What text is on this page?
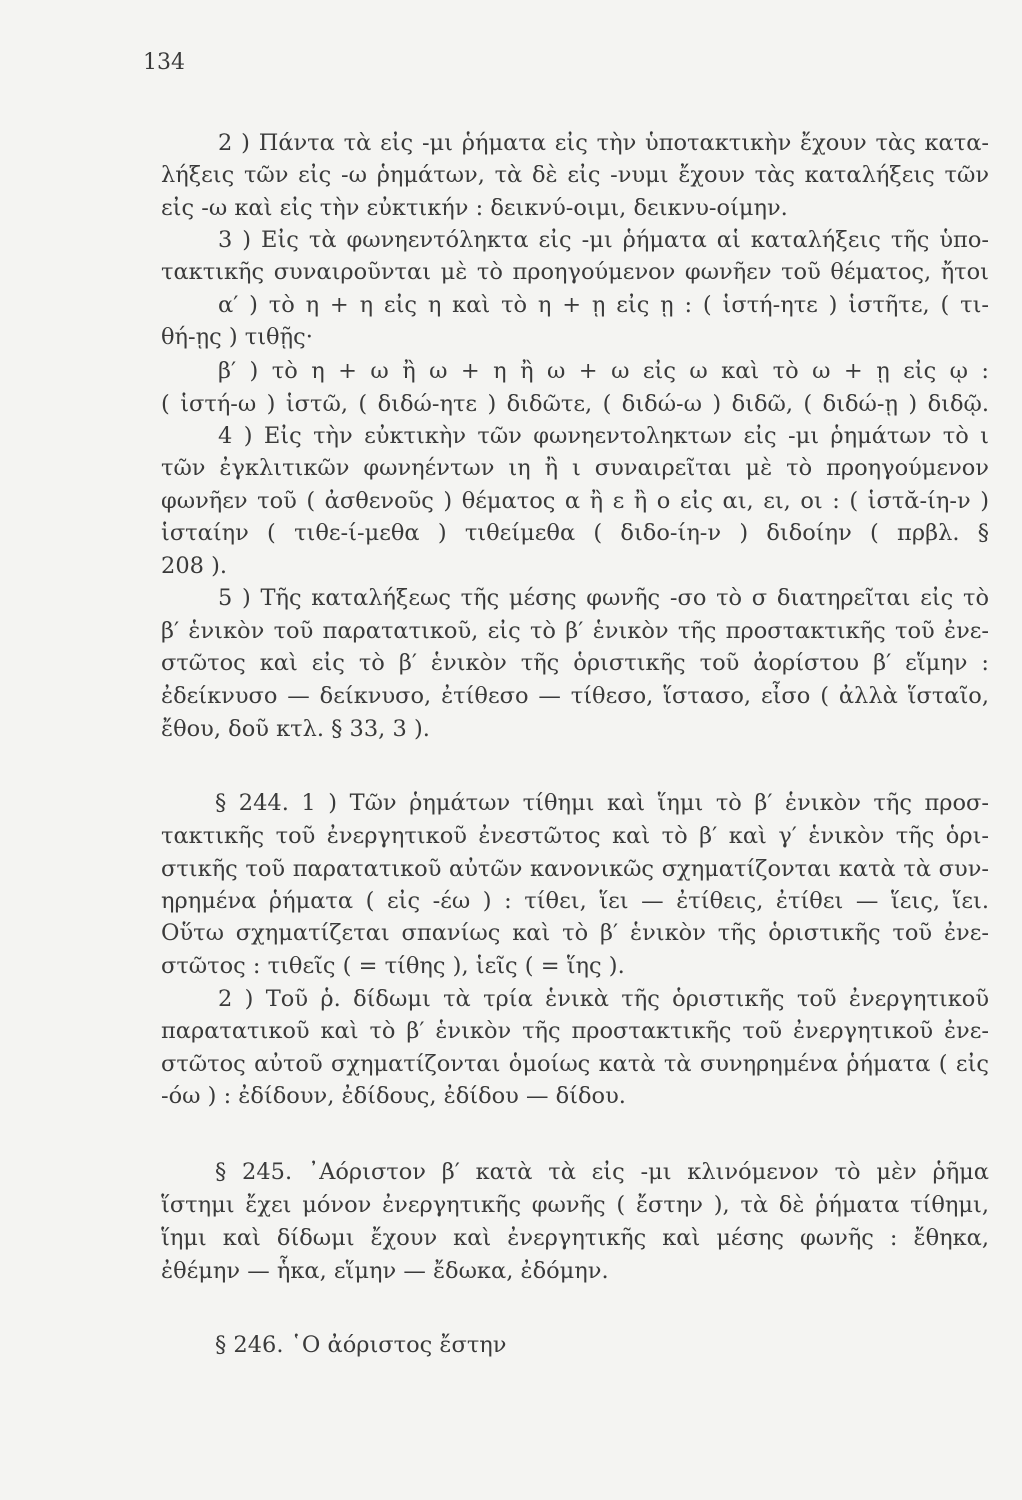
134
2 ) Πάντα τὰ εἰς -μι ῥήματα εἰς τὴν ὑποτακτικὴν ἔχουν τὰς κατα-
λήξεις τῶν εἰς -ω ῥημάτων, τὰ δὲ εἰς -νυμι ἔχουν τὰς καταλήξεις τῶν
εἰς -ω καὶ εἰς τὴν εὐκτικήν : δεικνύ-οιμι, δεικνυ-οίμην.
3 ) Εἰς τὰ φωνηεντόληκτα εἰς -μι ῥήματα αἱ καταλήξεις τῆς ὑπο-
τακτικῆς συναιροῦνται μὲ τὸ προηγούμενον φωνῆεν τοῦ θέματος, ἤτοι
α′ ) τὸ η + η εἰς η καὶ τὸ η + ῃ εἰς ῃ : ( ἱστή-ητε ) ἱστῆτε, ( τι-
θή-ῃς ) τιθῇς·
β′ ) τὸ η + ω ἢ ω + η ἢ ω + ω εἰς ω καὶ τὸ ω + ῃ εἰς ῳ :
( ἱστή-ω ) ἱστῶ, ( διδώ-ητε ) διδῶτε, ( διδώ-ω ) διδῶ, ( διδώ-ῃ ) διδῷ.
4 ) Εἰς τὴν εὐκτικὴν τῶν φωνηεντοληκτων εἰς -μι ῥημάτων τὸ ι
τῶν ἐγκλιτικῶν φωνηέντων ιη ἢ ι συναιρεῖται μὲ τὸ προηγούμενον
φωνῆεν τοῦ ( ἀσθενοῦς ) θέματος α ἢ ε ἢ ο εἰς αι, ει, οι : ( ἱστᾰ-ίη-ν )
ἱσταίην ( τιθε-ί-μεθα ) τιθείμεθα ( διδο-ίη-ν ) διδοίην ( πρβλ. §
208 ).
5 ) Τῆς καταλήξεως τῆς μέσης φωνῆς -σο τὸ σ διατηρεῖται εἰς τὸ
β′ ἑνικὸν τοῦ παρατατικοῦ, εἰς τὸ β′ ἑνικὸν τῆς προστακτικῆς τοῦ ἐνε-
στῶτος καὶ εἰς τὸ β′ ἑνικὸν τῆς ὁριστικῆς τοῦ ἀορίστου β′ εἵμην :
ἐδείκνυσο — δείκνυσο, ἐτίθεσο — τίθεσο, ἵστασο, εἶσο ( ἀλλὰ ἵσταῖο,
ἔθου, δοῦ κτλ. § 33, 3 ).
§ 244. 1 ) Τῶν ῥημάτων τίθημι καὶ ἵημι τὸ β′ ἑνικὸν τῆς προσ-
τακτικῆς τοῦ ἐνεργητικοῦ ἐνεστῶτος καὶ τὸ β′ καὶ γ′ ἑνικὸν τῆς ὁρι-
στικῆς τοῦ παρατατικοῦ αὐτῶν κανονικῶς σχηματίζονται κατὰ τὰ συν-
ηρημένα ῥήματα ( εἰς -έω ) : τίθει, ἵει — ἐτίθεις, ἐτίθει — ἵεις, ἵει.
Οὕτω σχηματίζεται σπανίως καὶ τὸ β′ ἑνικὸν τῆς ὁριστικῆς τοῦ ἐνε-
στῶτος : τιθεῖς ( = τίθης ), ἱεῖς ( = ἵης ).
2 ) Τοῦ ῥ. δίδωμι τὰ τρία ἑνικὰ τῆς ὁριστικῆς τοῦ ἐνεργητικοῦ
παρατατικοῦ καὶ τὸ β′ ἑνικὸν τῆς προστακτικῆς τοῦ ἐνεργητικοῦ ἐνε-
στῶτος αὐτοῦ σχηματίζονται ὁμοίως κατὰ τὰ συνηρημένα ῥήματα ( εἰς
-όω ) : ἐδίδουν, ἐδίδους, ἐδίδου — δίδου.
§ 245. ᾿Αόριστον β′ κατὰ τὰ εἰς -μι κλινόμενον τὸ μὲν ῥῆμα
ἵστημι ἔχει μόνον ἐνεργητικῆς φωνῆς ( ἔστην ), τὰ δὲ ῥήματα τίθημι,
ἵημι καὶ δίδωμι ἔχουν καὶ ἐνεργητικῆς καὶ μέσης φωνῆς : ἔθηκα,
ἐθέμην — ἧκα, εἵμην — ἔδωκα, ἐδόμην.
§ 246. ῾Ο ἀόριστος ἔστην
